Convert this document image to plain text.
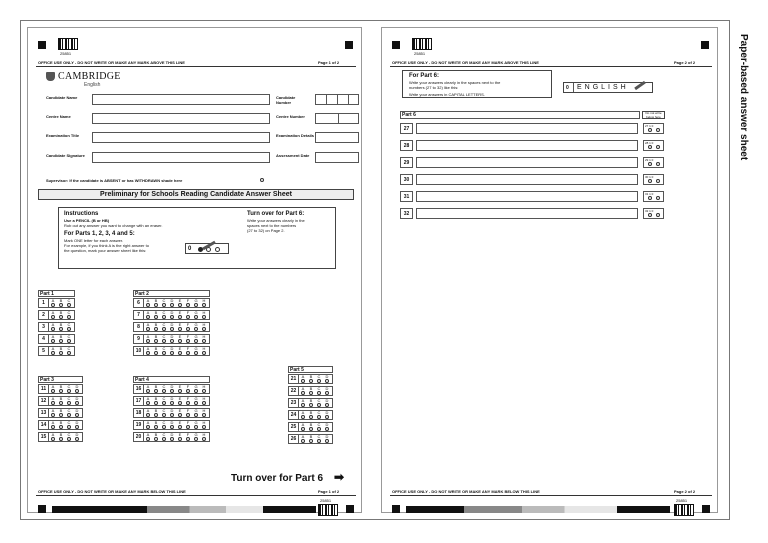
25851
OFFICE USE ONLY - DO NOT WRITE OR MAKE ANY MARK ABOVE THIS LINE	Page 1 of 2
CAMBRIDGE
English
Candidate Name	Candidate Number
Centre Name	Centre Number
Examination Title	Examination Details
Candidate Signature	Assessment Date
Supervisor: If the candidate is ABSENT or has WITHDRAWN shade here
Preliminary for Schools Reading Candidate Answer Sheet
Instructions
Use a PENCIL (B or HB)
Rub out any answer you want to change with an eraser.
For Parts 1, 2, 3, 4 and 5:
Mark ONE letter for each answer.
For example, if you think A is the right answer to
the question, mark your answer sheet like this:	0
Turn over for Part 6:
Write your answers clearly in the
spaces next to the numbers
(27 to 32) on Page 2.
Part 1
1	A	B	C
2	A	B	C
3	A	B	C
4	A	B	C
5	A	B	C
Part 2
6	A	B	C	D	E	F	G	H
7	A	B	C	D	E	F	G	H
8	A	B	C	D	E	F	G	H
9	A	B	C	D	E	F	G	H
10	A	B	C	D	E	F	G	H
Part 3
11	A	B	C	D
12	A	B	C	D
13	A	B	C	D
14	A	B	C	D
15	A	B	C	D
Part 4
16	A	B	C	D	E	F	G	H
17	A	B	C	D	E	F	G	H
18	A	B	C	D	E	F	G	H
19	A	B	C	D	E	F	G	H
20	A	B	C	D	E	F	G	H
Part 5
21	A	B	C	D
22	A	B	C	D
23	A	B	C	D
24	A	B	C	D
25	A	B	C	D
26	A	B	C	D
Turn over for Part 6 ➡
OFFICE USE ONLY - DO NOT WRITE OR MAKE ANY MARK BELOW THIS LINE	Page 1 of 2
25851
25851
OFFICE USE ONLY - DO NOT WRITE OR MAKE ANY MARK ABOVE THIS LINE	Page 2 of 2
For Part 6:
Write your answers clearly in the spaces next to the
numbers (27 to 32) like this:
Write your answers in CAPITAL LETTERS.
0 ENGLISH
Part 6	Do not write below here
27	27 1 0
28	28 1 0
29	29 1 0
30	30 1 0
31	31 1 0
32	32 1 0
OFFICE USE ONLY - DO NOT WRITE OR MAKE ANY MARK BELOW THIS LINE	Page 2 of 2
25851
Paper-based answer sheet
